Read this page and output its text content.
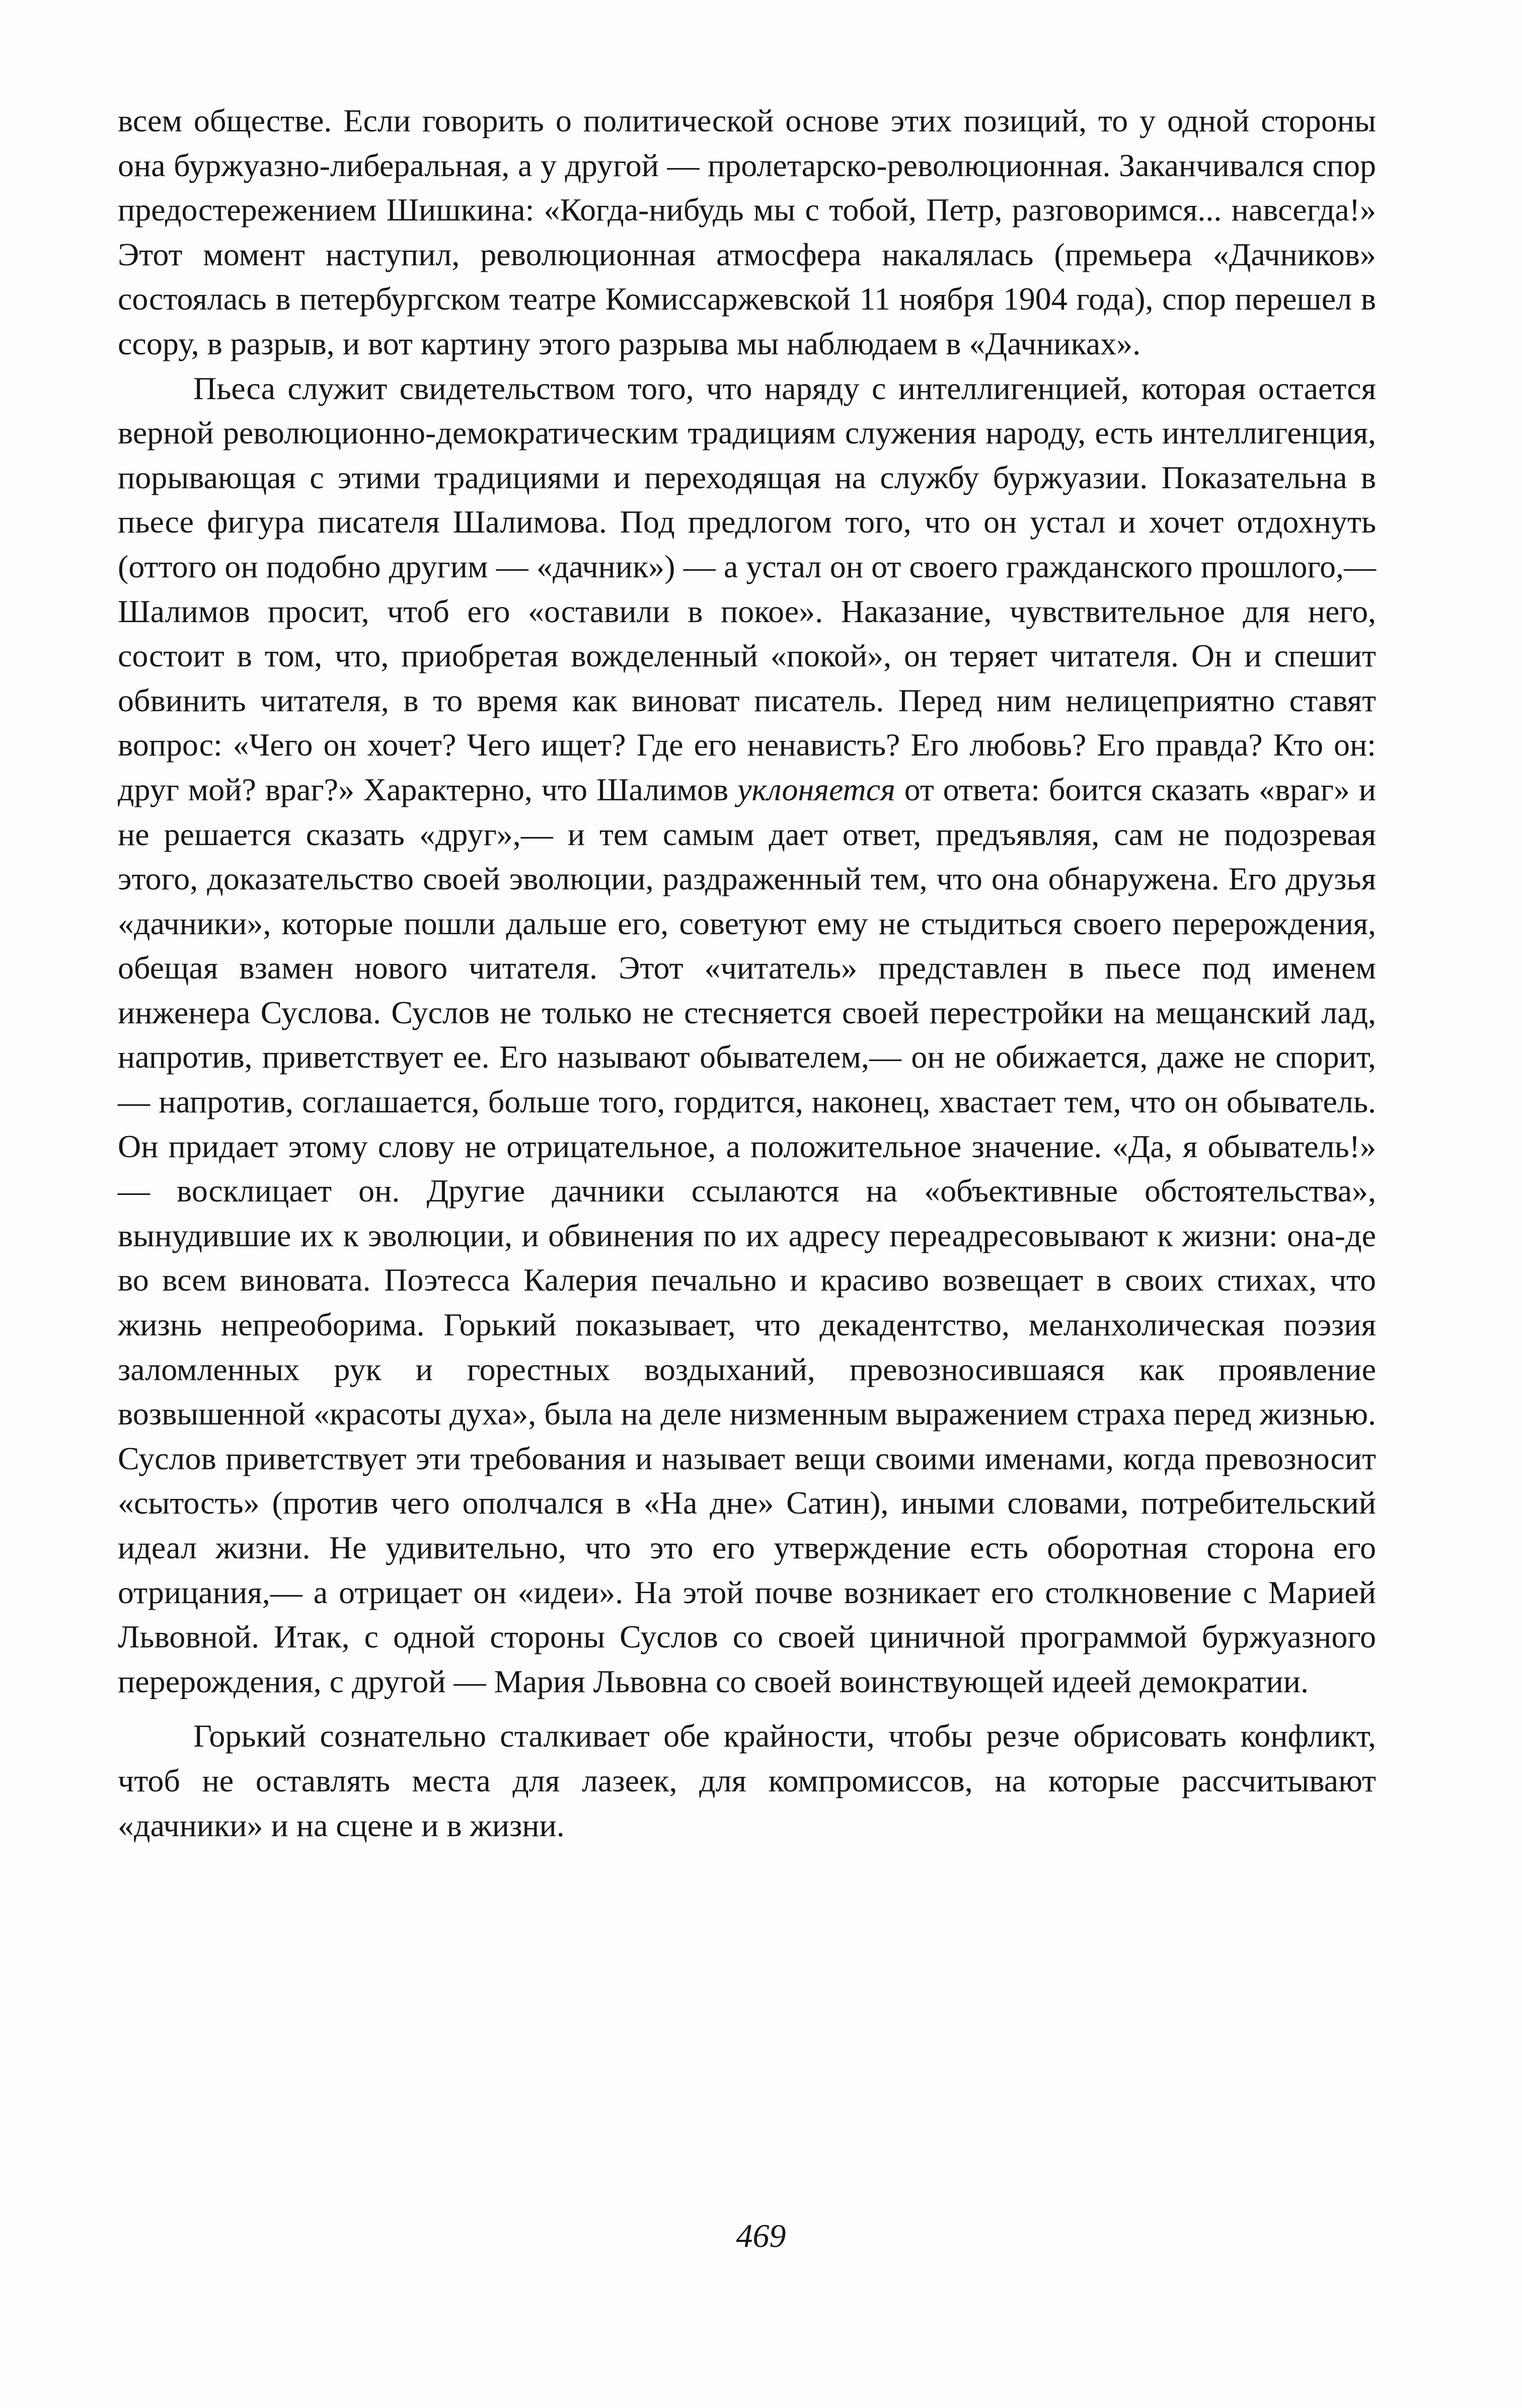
всем обществе. Если говорить о политической основе этих позиций, то у одной стороны она буржуазно-либеральная, а у другой — пролетарско-революционная. Заканчивался спор предостережением Шишкина: «Когда-нибудь мы с тобой, Петр, разговоримся... навсегда!» Этот момент наступил, революционная атмосфера накалялась (премьера «Дачников» состоялась в петербургском театре Комиссаржевской 11 ноября 1904 года), спор перешел в ссору, в разрыв, и вот картину этого разрыва мы наблюдаем в «Дачниках».

Пьеса служит свидетельством того, что наряду с интеллигенцией, которая остается верной революционно-демократическим традициям служения народу, есть интеллигенция, порывающая с этими традициями и переходящая на службу буржуазии. Показательна в пьесе фигура писателя Шалимова. Под предлогом того, что он устал и хочет отдохнуть (оттого он подобно другим — «дачник») — а устал он от своего гражданского прошлого,— Шалимов просит, чтоб его «оставили в покое». Наказание, чувствительное для него, состоит в том, что, приобретая вожделенный «покой», он теряет читателя. Он и спешит обвинить читателя, в то время как виноват писатель. Перед ним нелицеприятно ставят вопрос: «Чего он хочет? Чего ищет? Где его ненависть? Его любовь? Его правда? Кто он: друг мой? враг?» Характерно, что Шалимов уклоняется от ответа: боится сказать «враг» и не решается сказать «друг»,— и тем самым дает ответ, предъявляя, сам не подозревая этого, доказательство своей эволюции, раздраженный тем, что она обнаружена. Его друзья «дачники», которые пошли дальше его, советуют ему не стыдиться своего перерождения, обещая взамен нового читателя. Этот «читатель» представлен в пьесе под именем инженера Суслова. Суслов не только не стесняется своей перестройки на мещанский лад, напротив, приветствует ее. Его называют обывателем,— он не обижается, даже не спорит,— напротив, соглашается, больше того, гордится, наконец, хвастает тем, что он обыватель. Он придает этому слову не отрицательное, а положительное значение. «Да, я обыватель!» — восклицает он. Другие дачники ссылаются на «объективные обстоятельства», вынудившие их к эволюции, и обвинения по их адресу переадресовывают к жизни: она-де во всем виновата. Поэтесса Калерия печально и красиво возвещает в своих стихах, что жизнь непреоборима. Горький показывает, что декадентство, меланхолическая поэзия заломленных рук и горестных воздыханий, превозносившаяся как проявление возвышенной «красоты духа», была на деле низменным выражением страха перед жизнью. Суслов приветствует эти требования и называет вещи своими именами, когда превозносит «сытость» (против чего ополчался в «На дне» Сатин), иными словами, потребительский идеал жизни. Не удивительно, что это его утверждение есть оборотная сторона его отрицания,— а отрицает он «идеи». На этой почве возникает его столкновение с Марией Львовной. Итак, с одной стороны Суслов со своей циничной программой буржуазного перерождения, с другой — Мария Львовна со своей воинствующей идеей демократии.

Горький сознательно сталкивает обе крайности, чтобы резче обрисовать конфликт, чтоб не оставлять места для лазеек, для компромиссов, на которые рассчитывают «дачники» и на сцене и в жизни.

469
